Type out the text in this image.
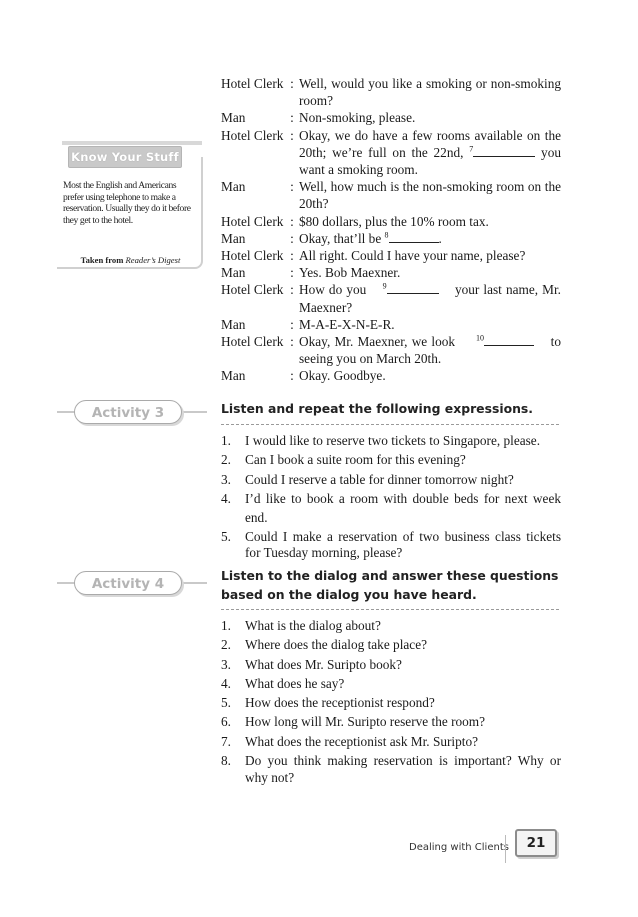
Hotel Clerk : Well, would you like a smoking or non-smoking room?
Man	: Non-smoking, please.
Hotel Clerk : Okay, we do have a few rooms available on the 20th; we’re full on the 22nd, $^7$	you want a smoking room.
Man	: Well, how much is the non-smoking room on the 20th?
Hotel Clerk : $80 dollars, plus the 10% room tax.
Man	: Okay, that’ll be $^8$	.
Hotel Clerk : All right. Could I have your name, please?
Man	: Yes. Bob Maexner.
Hotel Clerk : How do you $^9$	your last name, Mr. Maexner?
Man	: M-A-E-X-N-E-R.
Hotel Clerk : Okay, Mr. Maexner, we look	$^{10}$	to seeing you on March 20th.
Man	: Okay. Goodbye.
Know Your Stuff
Most the English and Americans prefer using telephone to make a reservation. Usually they do it before they get to the hotel.
Taken from Reader’s Digest
Activity 3	Listen and repeat the following expressions.
1.	I would like to reserve two tickets to Singapore, please.
2.	Can I book a suite room for this evening?
3.	Could I reserve a table for dinner tomorrow night?
4.	I’d like to book a room with double beds for next week end.
5.	Could I make a reservation of two business class tickets for Tuesday morning, please?
Activity 4
Listen to the dialog and answer these questions based on the dialog you have heard.
1.	What is the dialog about?
2.	Where does the dialog take place?
3.	What does Mr. Suripto book?
4.	What does he say?
5.	How does the receptionist respond?
6.	How long will Mr. Suripto reserve the room?
7.	What does the receptionist ask Mr. Suripto?
8.	Do you think making reservation is important? Why or why not?
Dealing with Clients	21
